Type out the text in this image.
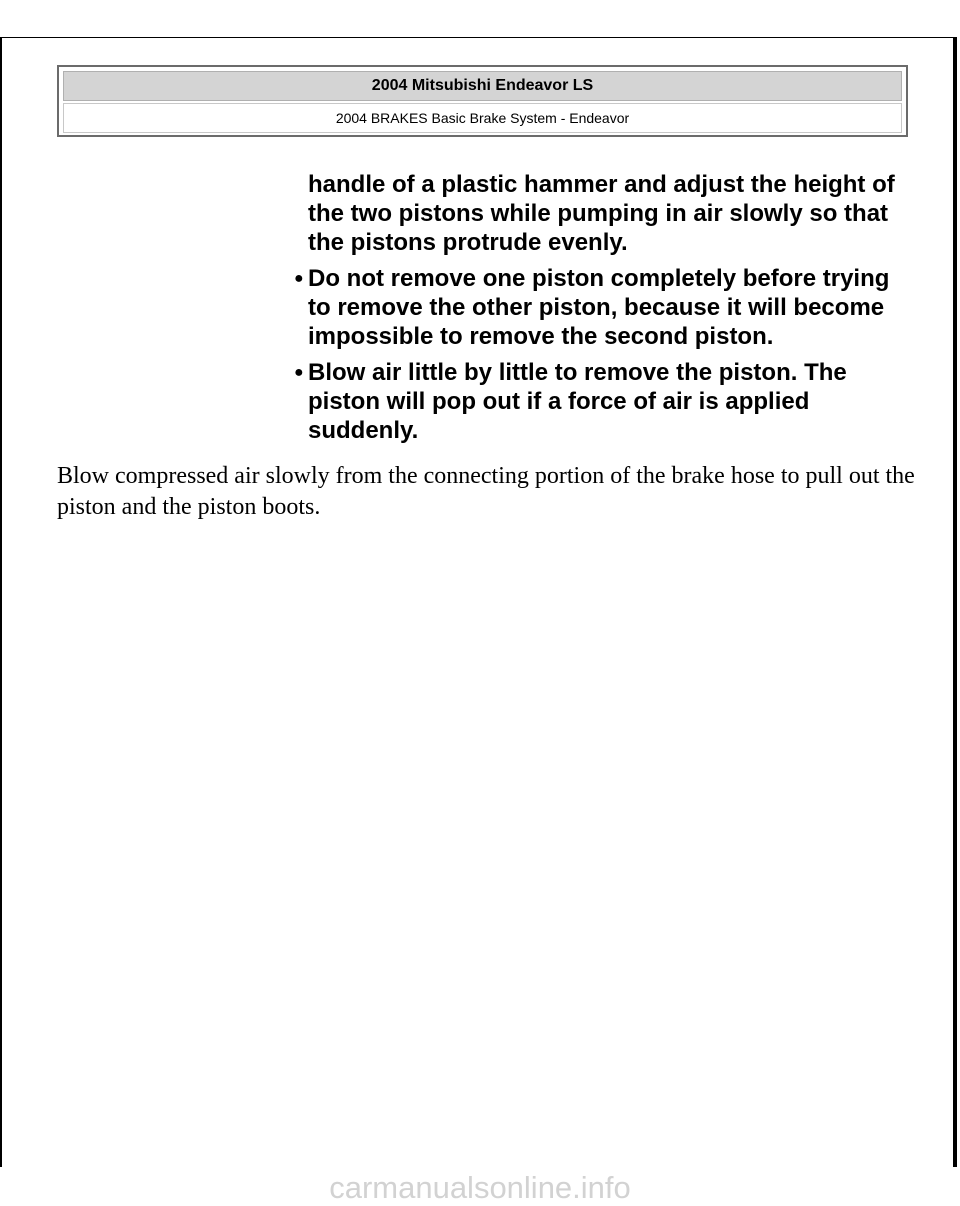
2004 Mitsubishi Endeavor LS
2004 BRAKES Basic Brake System - Endeavor

handle of a plastic hammer and adjust the height of the two pistons while pumping in air slowly so that the pistons protrude evenly.

● Do not remove one piston completely before trying to remove the other piston, because it will become impossible to remove the second piston.
● Blow air little by little to remove the piston. The piston will pop out if a force of air is applied suddenly.

Blow compressed air slowly from the connecting portion of the brake hose to pull out the piston and the piston boots.

carmanualsonline.info
